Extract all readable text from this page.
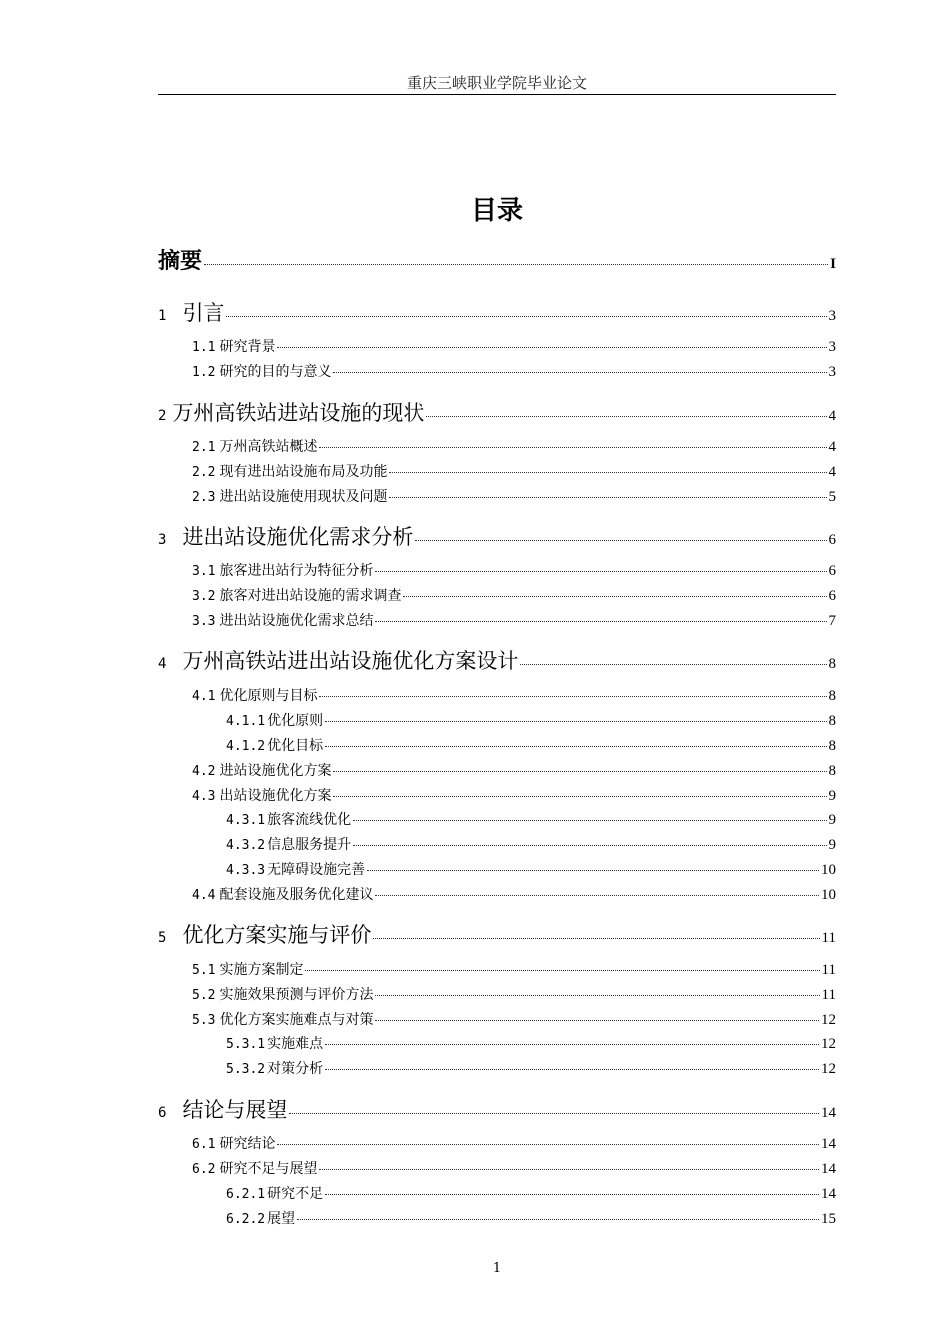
重庆三峡职业学院毕业论文
目录
摘要	I
1 引言	3
1.1 研究背景	3
1.2 研究的目的与意义	3
2 万州高铁站进站设施的现状	4
2.1 万州高铁站概述	4
2.2 现有进出站设施布局及功能	4
2.3 进出站设施使用现状及问题	5
3 进出站设施优化需求分析	6
3.1 旅客进出站行为特征分析	6
3.2 旅客对进出站设施的需求调查	6
3.3 进出站设施优化需求总结	7
4 万州高铁站进出站设施优化方案设计	8
4.1 优化原则与目标	8
4.1.1 优化原则	8
4.1.2 优化目标	8
4.2 进站设施优化方案	8
4.3 出站设施优化方案	9
4.3.1 旅客流线优化	9
4.3.2 信息服务提升	9
4.3.3 无障碍设施完善	10
4.4 配套设施及服务优化建议	10
5 优化方案实施与评价	11
5.1 实施方案制定	11
5.2 实施效果预测与评价方法	11
5.3 优化方案实施难点与对策	12
5.3.1 实施难点	12
5.3.2 对策分析	12
6 结论与展望	14
6.1 研究结论	14
6.2 研究不足与展望	14
6.2.1 研究不足	14
6.2.2 展望	15
1
